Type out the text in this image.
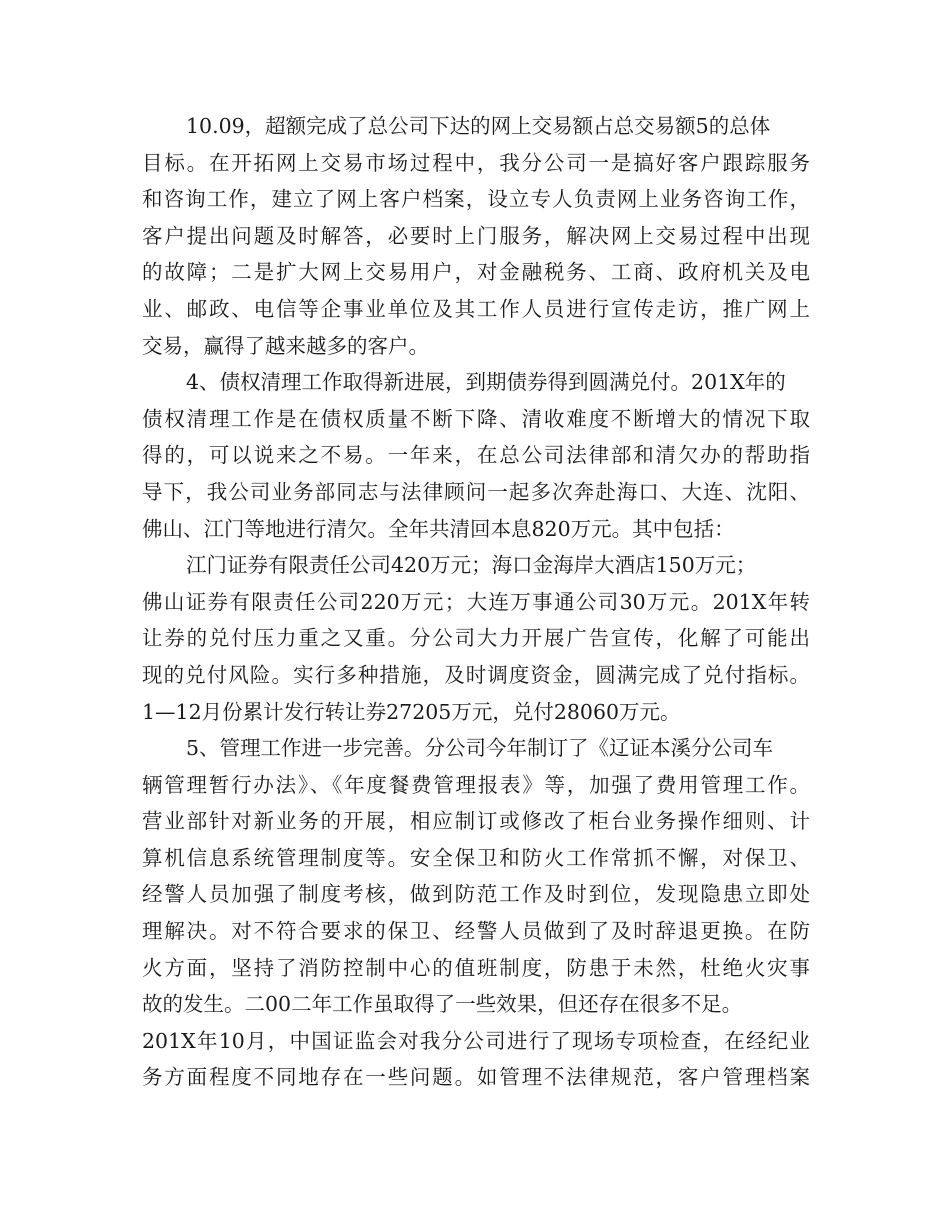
10.09，超额完成了总公司下达的网上交易额占总交易额5的总体
目标。在开拓网上交易市场过程中，我分公司一是搞好客户跟踪服务
和咨询工作，建立了网上客户档案，设立专人负责网上业务咨询工作，
客户提出问题及时解答，必要时上门服务，解决网上交易过程中出现
的故障；二是扩大网上交易用户，对金融税务、工商、政府机关及电
业、邮政、电信等企事业单位及其工作人员进行宣传走访，推广网上
交易，赢得了越来越多的客户。
4、债权清理工作取得新进展，到期债券得到圆满兑付。201X年的
债权清理工作是在债权质量不断下降、清收难度不断增大的情况下取
得的，可以说来之不易。一年来，在总公司法律部和清欠办的帮助指
导下，我公司业务部同志与法律顾问一起多次奔赴海口、大连、沈阳、
佛山、江门等地进行清欠。全年共清回本息820万元。其中包括：
江门证券有限责任公司420万元；海口金海岸大酒店150万元；
佛山证券有限责任公司220万元；大连万事通公司30万元。201X年转
让券的兑付压力重之又重。分公司大力开展广告宣传，化解了可能出
现的兑付风险。实行多种措施，及时调度资金，圆满完成了兑付指标。
1—12月份累计发行转让券27205万元，兑付28060万元。
5、管理工作进一步完善。分公司今年制订了《辽证本溪分公司车
辆管理暂行办法》、《年度餐费管理报表》等，加强了费用管理工作。
营业部针对新业务的开展，相应制订或修改了柜台业务操作细则、计
算机信息系统管理制度等。安全保卫和防火工作常抓不懈，对保卫、
经警人员加强了制度考核，做到防范工作及时到位，发现隐患立即处
理解决。对不符合要求的保卫、经警人员做到了及时辞退更换。在防
火方面，坚持了消防控制中心的值班制度，防患于未然，杜绝火灾事
故的发生。二00二年工作虽取得了一些效果，但还存在很多不足。
201X年10月，中国证监会对我分公司进行了现场专项检查，在经纪业
务方面程度不同地存在一些问题。如管理不法律规范，客户管理档案
